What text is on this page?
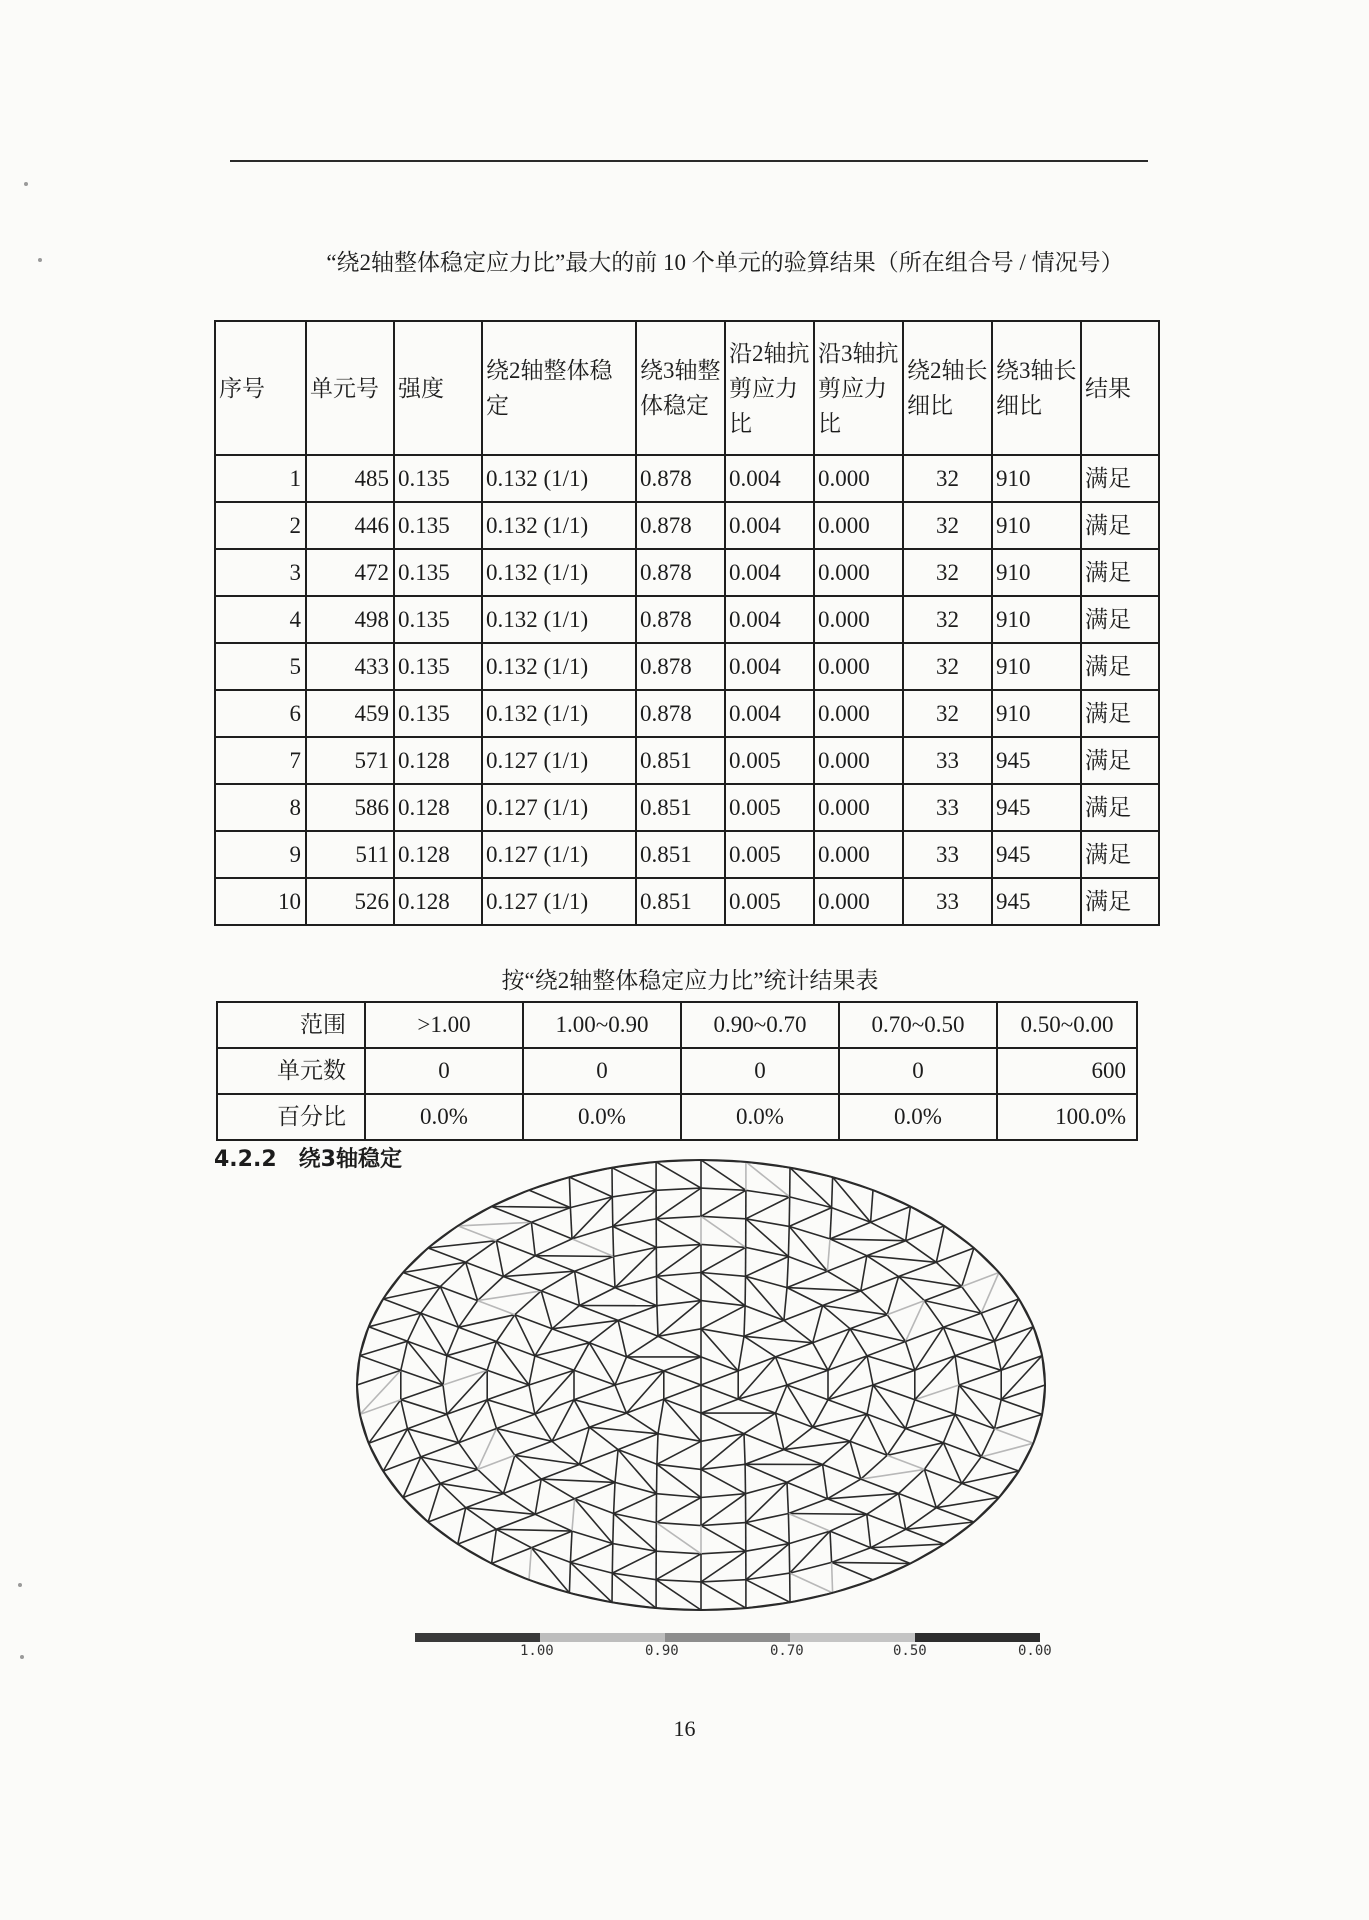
“绕2轴整体稳定应力比”最大的前 10 个单元的验算结果（所在组合号 / 情况号）
序号	单元号	强度	绕2轴整体稳定	绕3轴整体稳定	沿2轴抗剪应力比	沿3轴抗剪应力比	绕2轴长细比	绕3轴长细比	结果
1	485	0.135	0.132 (1/1)	0.878	0.004	0.000	32	910	满足
2	446	0.135	0.132 (1/1)	0.878	0.004	0.000	32	910	满足
3	472	0.135	0.132 (1/1)	0.878	0.004	0.000	32	910	满足
4	498	0.135	0.132 (1/1)	0.878	0.004	0.000	32	910	满足
5	433	0.135	0.132 (1/1)	0.878	0.004	0.000	32	910	满足
6	459	0.135	0.132 (1/1)	0.878	0.004	0.000	32	910	满足
7	571	0.128	0.127 (1/1)	0.851	0.005	0.000	33	945	满足
8	586	0.128	0.127 (1/1)	0.851	0.005	0.000	33	945	满足
9	511	0.128	0.127 (1/1)	0.851	0.005	0.000	33	945	满足
10	526	0.128	0.127 (1/1)	0.851	0.005	0.000	33	945	满足
按“绕2轴整体稳定应力比”统计结果表
范围	>1.00	1.00~0.90	0.90~0.70	0.70~0.50	0.50~0.00
单元数	0	0	0	0	600
百分比	0.0%	0.0%	0.0%	0.0%	100.0%
4.2.2 绕3轴稳定
1.00	0.90	0.70	0.50	0.00
16
